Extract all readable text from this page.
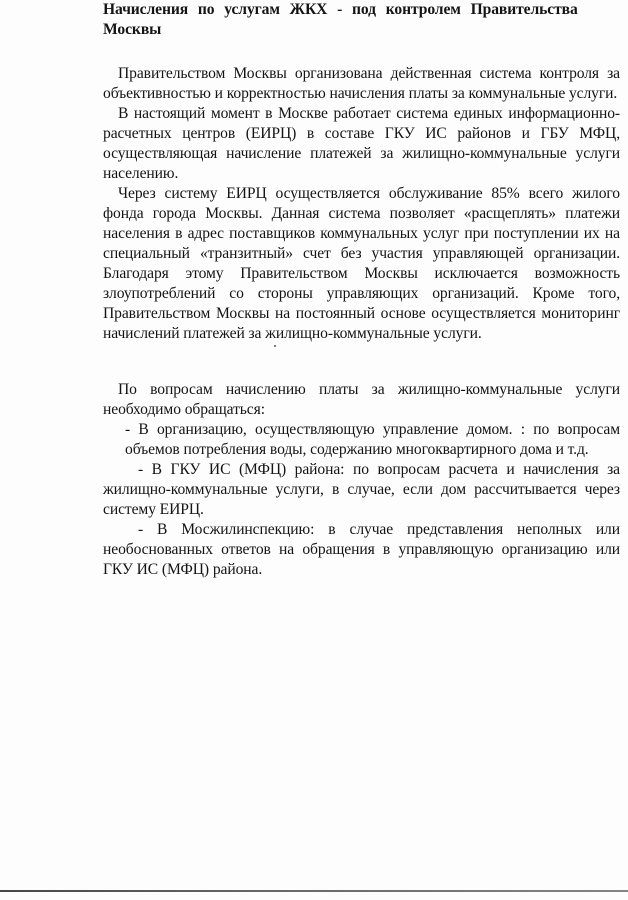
Начисления по услугам ЖКХ - под контролем Правительства
Москвы

Правительством Москвы организована действенная система контроля за объективностью и корректностью начисления платы за коммунальные услуги.

В настоящий момент в Москве работает система единых информационно-расчетных центров (ЕИРЦ) в составе ГКУ ИС районов и ГБУ МФЦ, осуществляющая начисление платежей за жилищно-коммунальные услуги населению.

Через систему ЕИРЦ осуществляется обслуживание 85% всего жилого фонда города Москвы. Данная система позволяет «расщеплять» платежи населения в адрес поставщиков коммунальных услуг при поступлении их на специальный «транзитный» счет без участия управляющей организации. Благодаря этому Правительством Москвы исключается возможность злоупотреблений со стороны управляющих организаций. Кроме того, Правительством Москвы на постоянный основе осуществляется мониторинг начислений платежей за жилищно-коммунальные услуги.

По вопросам начислению платы за жилищно-коммунальные услуги необходимо обращаться:

- В организацию, осуществляющую управление домом. : по вопросам объемов потребления воды, содержанию многоквартирного дома и т.д.

- В ГКУ ИС (МФЦ) района: по вопросам расчета и начисления за жилищно-коммунальные услуги, в случае, если дом рассчитывается через систему ЕИРЦ.

- В Мосжилинспекцию: в случае представления неполных или необоснованных ответов на обращения в управляющую организацию или ГКУ ИС (МФЦ) района.
